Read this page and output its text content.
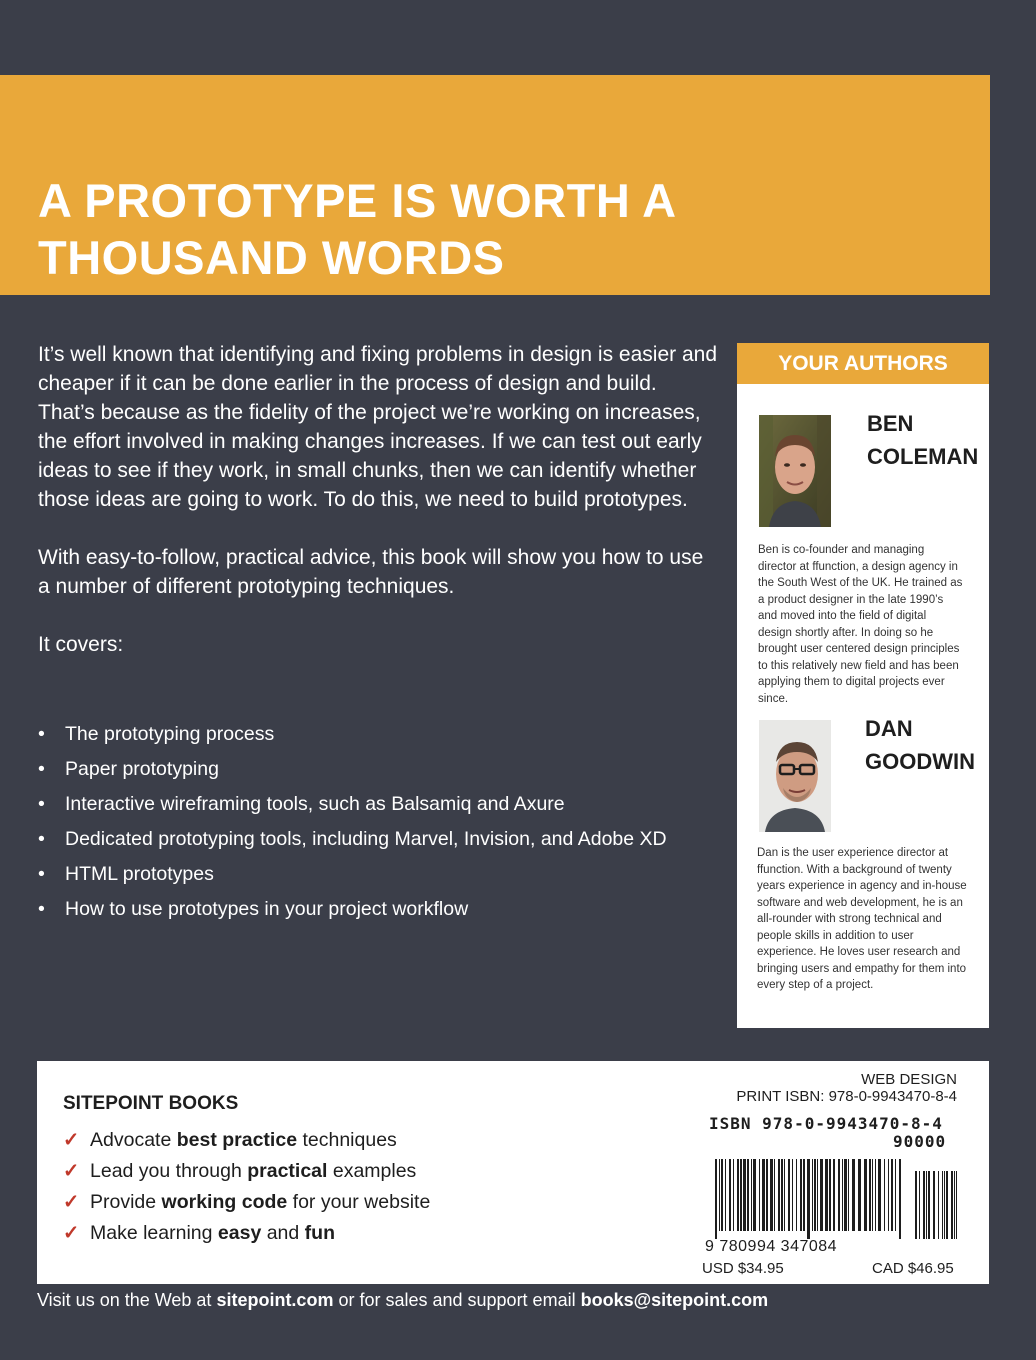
A PROTOTYPE IS WORTH A
THOUSAND WORDS

It’s well known that identifying and fixing problems in design is easier and cheaper if it can be done earlier in the process of design and build. That’s because as the fidelity of the project we’re working on increases, the effort involved in making changes increases. If we can test out early ideas to see if they work, in small chunks, then we can identify whether those ideas are going to work. To do this, we need to build prototypes.

With easy-to-follow, practical advice, this book will show you how to use a number of different prototyping techniques.

It covers:

• The prototyping process
• Paper prototyping
• Interactive wireframing tools, such as Balsamiq and Axure
• Dedicated prototyping tools, including Marvel, Invision, and Adobe XD
• HTML prototypes
• How to use prototypes in your project workflow
YOUR AUTHORS
BEN
COLEMAN
Ben is co-founder and managing director at ffunction, a design agency in the South West of the UK. He trained as a product designer in the late 1990’s and moved into the field of digital design shortly after. In doing so he brought user centered design principles to this relatively new field and has been applying them to digital projects ever since.
DAN
GOODWIN
Dan is the user experience director at ffunction. With a background of twenty years experience in agency and in-house software and web development, he is an all-rounder with strong technical and people skills in addition to user experience. He loves user research and bringing users and empathy for them into every step of a project.
SITEPOINT BOOKS
✓ Advocate best practice techniques
✓ Lead you through practical examples
✓ Provide working code for your website
✓ Make learning easy and fun
WEB DESIGN
PRINT ISBN: 978-0-9943470-8-4
ISBN 978-0-9943470-8-4
90000
9 780994 347084
USD $34.95	CAD $46.95
Visit us on the Web at sitepoint.com or for sales and support email books@sitepoint.com
